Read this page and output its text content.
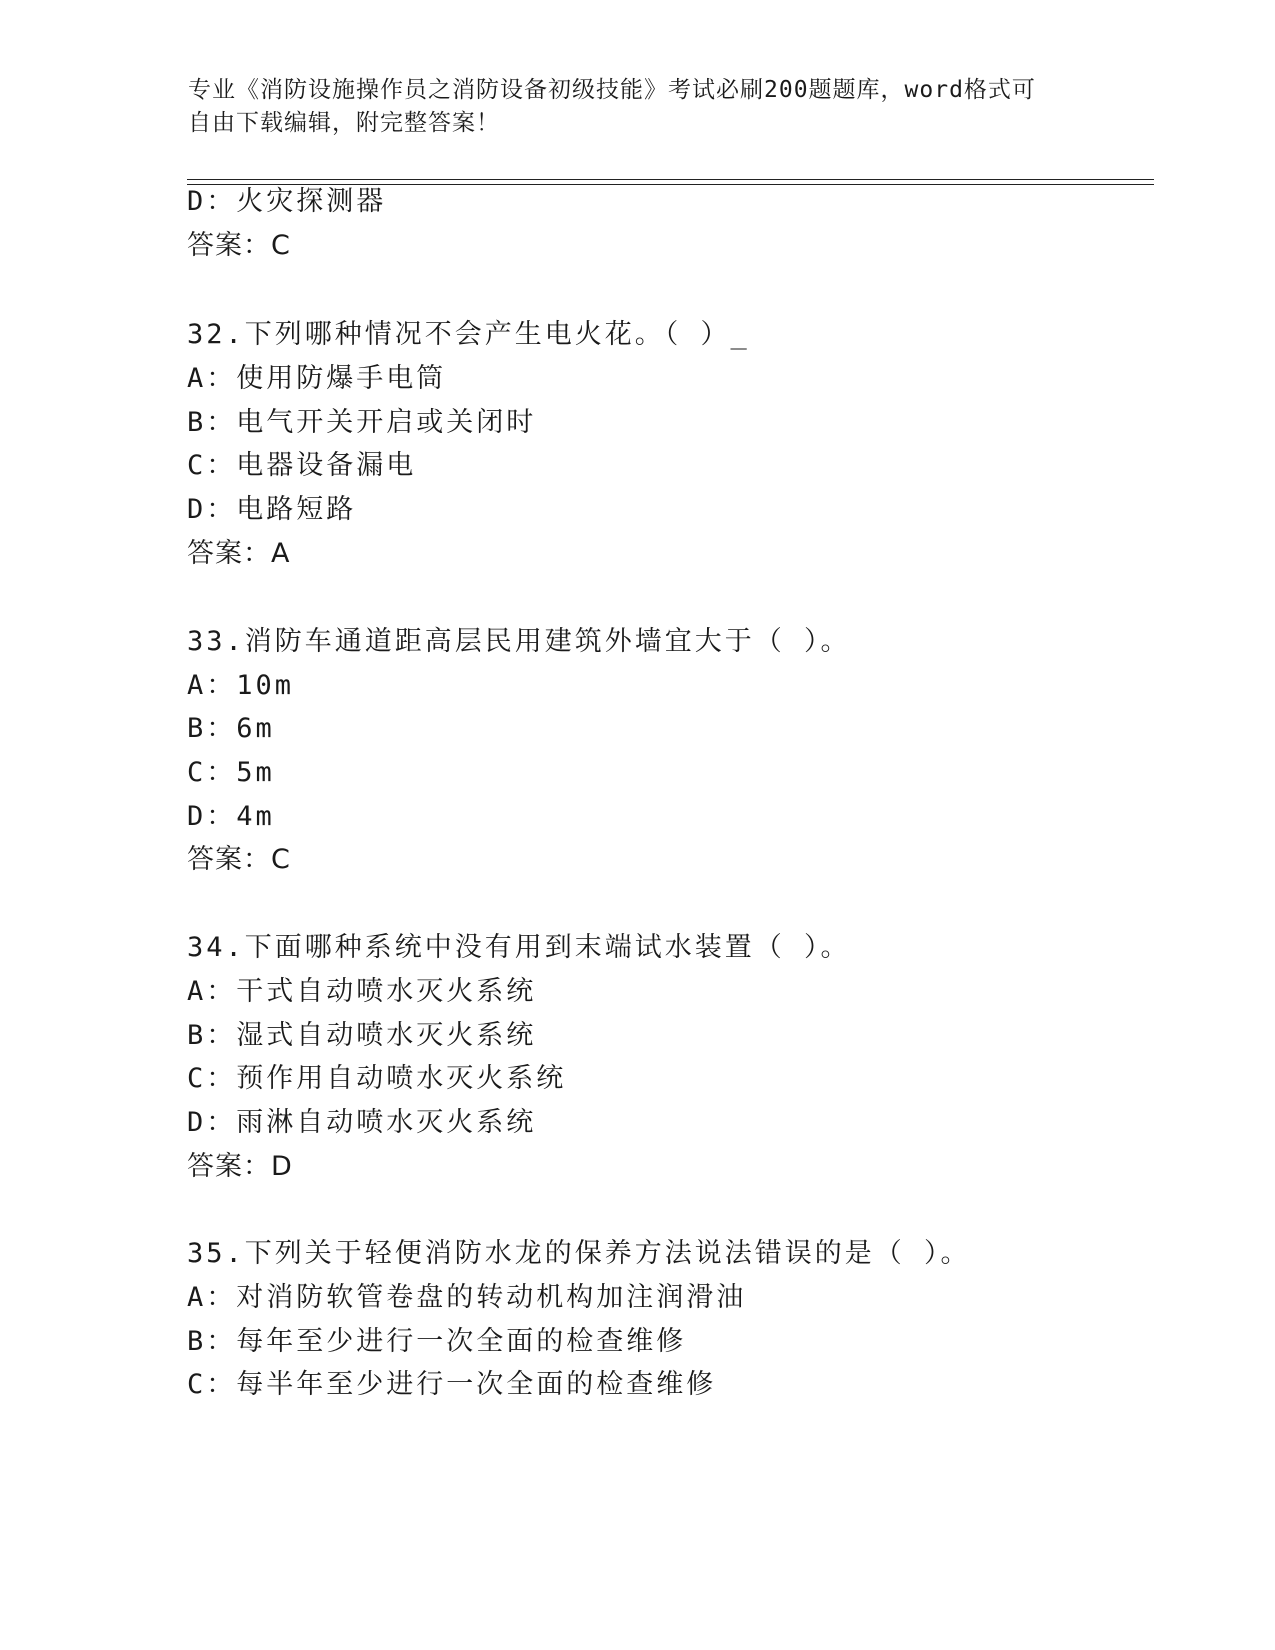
专业《消防设施操作员之消防设备初级技能》考试必刷200题题库，word格式可
自由下载编辑，附完整答案！
D：火灾探测器
答案：C
32.下列哪种情况不会产生电火花。（ ）_
A：使用防爆手电筒
B：电气开关开启或关闭时
C：电器设备漏电
D：电路短路
答案：A
33.消防车通道距高层民用建筑外墙宜大于（ ）。
A：10m
B：6m
C：5m
D：4m
答案：C
34.下面哪种系统中没有用到末端试水装置（ ）。
A：干式自动喷水灭火系统
B：湿式自动喷水灭火系统
C：预作用自动喷水灭火系统
D：雨淋自动喷水灭火系统
答案：D
35.下列关于轻便消防水龙的保养方法说法错误的是（ ）。
A：对消防软管卷盘的转动机构加注润滑油
B：每年至少进行一次全面的检查维修
C：每半年至少进行一次全面的检查维修
